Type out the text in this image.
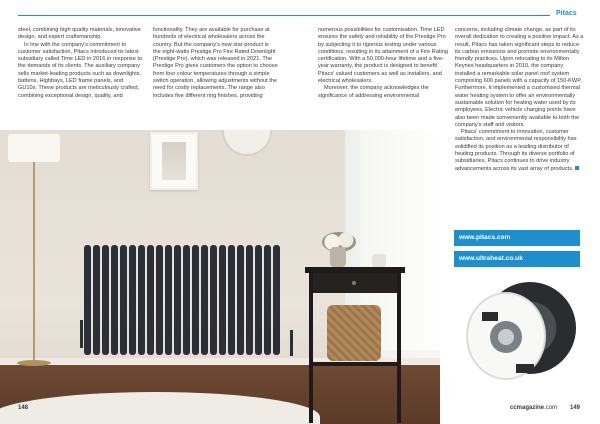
Pitacs

steel, combining high quality materials, innovative design, and expert craftsmanship.

In line with the company's commitment to customer satisfaction, Pitacs introduced its latest subsidiary called Time LED in 2016 in response to the demands of its clients. The auxiliary company sells market-leading products such as downlights, battens, Highbays, LED frame panels, and GU10s. These products are meticulously crafted, combining exceptional design, quality, and

functionality. They are available for purchase at hundreds of electrical wholesalers across the country. But the company's new star-product is the eight-watts Prestige Pro Fire Rated Downlight (Prestige Pro), which was released in 2021. The Prestige Pro gives customers the option to choose from four colour temperatures through a simple switch operation, allowing adjustments without the need for costly replacements. The range also includes five different ring finishes, providing

numerous possibilities for customisation. Time LED ensures the safety and reliability of the Prestige Pro by subjecting it to rigorous testing under various conditions, resulting in its attainment of a Fire Rating certification. With a 50,000-hour lifetime and a five-year warranty, the product is designed to benefit Pitacs' valued customers as well as installers, and electrical wholesalers.

Moreover, the company acknowledges the significance of addressing environmental

concerns, including climate change, as part of its overall dedication to creating a positive impact. As a result, Pitacs has taken significant steps to reduce its carbon emissions and promote environmentally friendly practices. Upon relocating to its Milton Keynes headquarters in 2010, the company installed a remarkable solar panel roof system comprising 600 panels with a capacity of 150-KWP. Furthermore, it implemented a customised thermal water heating system to offer an environmentally sustainable solution for heating water used by its employees. Electric vehicle charging points have also been made conveniently available to both the company's staff and visitors.

Pitacs' commitment to innovation, customer satisfaction, and environmental responsibility has solidified its position as a leading distributor of heating products. Through its diverse portfolio of subsidiaries, Pitacs continues to drive industry advancements across its vast array of products.

www.pitacs.com
www.ultraheat.co.uk
148	ccmagazine.com 149
